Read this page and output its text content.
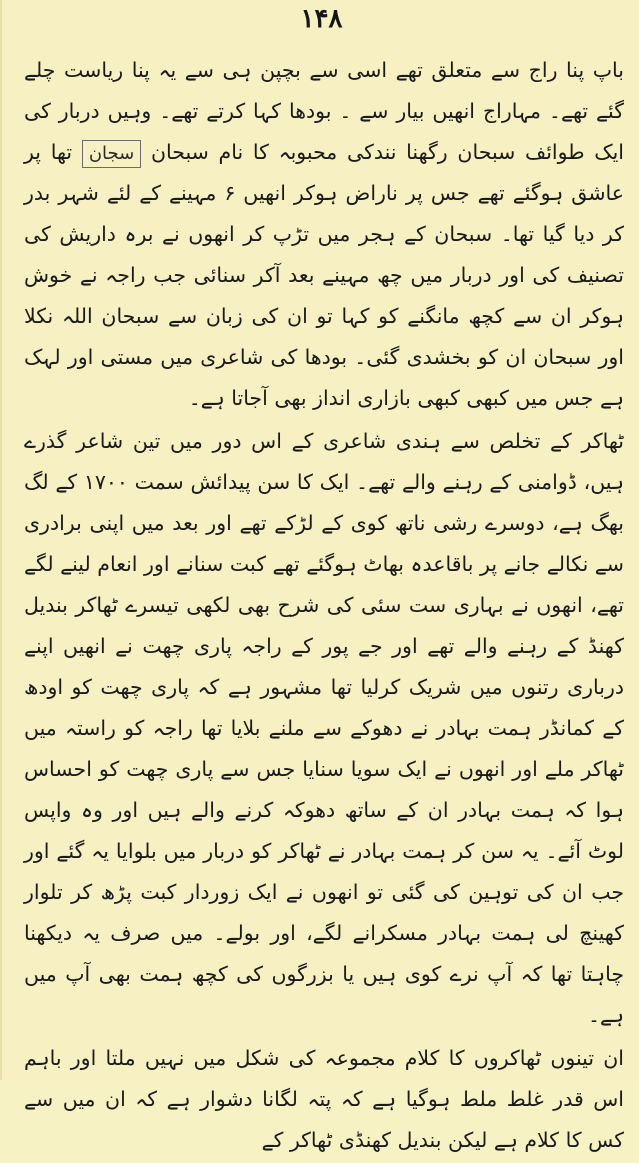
۱۴۸

باپ پنا راج سے متعلق تھے اسی سے بچپن ہی سے یہ پنا ریاست چلے گئے تھے۔ مہاراج انھیں بیار سے ۔ بودھا کہا کرتے تھے۔ وہیں دربار کی ایک طوائف سبحان رگھنا نندکی محبوبہ کا نام سبحان سجان تھا پر عاشق ہوگئے تھے جس پر ناراض ہوکر انھیں ۶ مہینے کے لئے شہر بدر کر دیا گیا تھا۔ سبحان کے ہجر میں تڑپ کر انھوں نے برہ داریش کی تصنیف کی اور دربار میں چھ مہینے بعد آکر سنائی جب راجہ نے خوش ہوکر ان سے کچھ مانگنے کو کہا تو ان کی زبان سے سبحان اللہ نکلا اور سبحان ان کو بخشدی گئی۔ بودھا کی شاعری میں مستی اور لہک ہے جس میں کبھی کبھی بازاری انداز بھی آجاتا ہے۔

ٹھاکر کے تخلص سے ہندی شاعری کے اس دور میں تین شاعر گذرے ہیں، ڈوامنی کے رہنے والے تھے۔ ایک کا سن پیدائش سمت ۱۷۰۰ کے لگ بھگ ہے، دوسرے رشی ناتھ کوی کے لڑکے تھے اور بعد میں اپنی برادری سے نکالے جانے پر باقاعدہ بھاٹ ہوگئے تھے کبت سنانے اور انعام لینے لگے تھے، انھوں نے بہاری ست سئی کی شرح بھی لکھی تیسرے ٹھاکر بندیل کھنڈ کے رہنے والے تھے اور جے پور کے راجہ پاری چھت نے انھیں اپنے درباری رتنوں میں شریک کرلیا تھا مشہور ہے کہ پاری چھت کو اودھ کے کمانڈر ہمت بہادر نے دھوکے سے ملنے بلایا تھا راجہ کو راستہ میں ٹھاکر ملے اور انھوں نے ایک سویا سنایا جس سے پاری چھت کو احساس ہوا کہ ہمت بہادر ان کے ساتھ دھوکہ کرنے والے ہیں اور وہ واپس لوٹ آئے۔ یہ سن کر ہمت بہادر نے ٹھاکر کو دربار میں بلوایا یہ گئے اور جب ان کی توہین کی گئی تو انھوں نے ایک زوردار کبت پڑھ کر تلوار کھینچ لی ہمت بہادر مسکرانے لگے، اور بولے۔ میں صرف یہ دیکھنا چاہتا تھا کہ آپ نرے کوی ہیں یا بزرگوں کی کچھ ہمت بھی آپ میں ہے۔

ان تینوں ٹھاکروں کا کلام مجموعہ کی شکل میں نہیں ملتا اور باہم اس قدر غلط ملط ہوگیا ہے کہ پتہ لگانا دشوار ہے کہ ان میں سے کس کا کلام ہے لیکن بندیل کھنڈی ٹھاکر کے
